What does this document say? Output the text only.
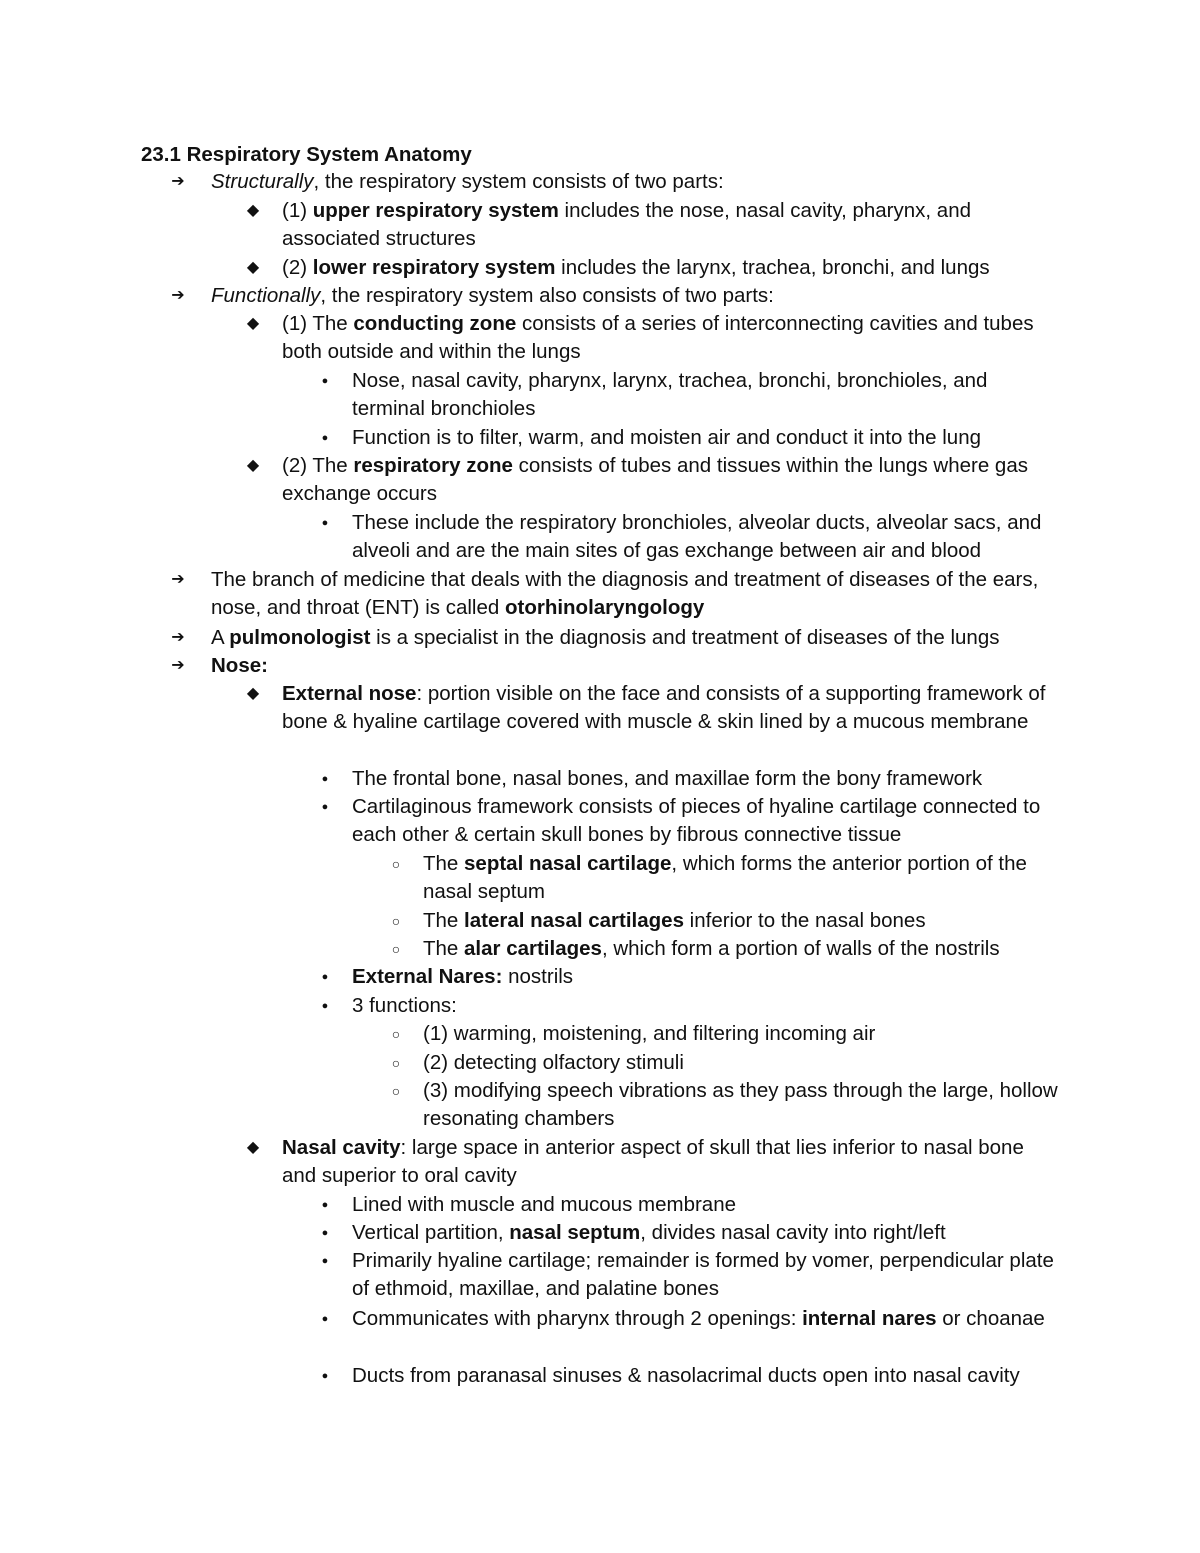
23.1 Respiratory System Anatomy
➔ Structurally, the respiratory system consists of two parts:
◆ (1) upper respiratory system includes the nose, nasal cavity, pharynx, and associated structures
◆ (2) lower respiratory system includes the larynx, trachea, bronchi, and lungs
➔ Functionally, the respiratory system also consists of two parts:
◆ (1) The conducting zone consists of a series of interconnecting cavities and tubes both outside and within the lungs
●	Nose, nasal cavity, pharynx, larynx, trachea, bronchi, bronchioles, and terminal bronchioles
●	Function is to filter, warm, and moisten air and conduct it into the lung
◆ (2) The respiratory zone consists of tubes and tissues within the lungs where gas exchange occurs
●	These include the respiratory bronchioles, alveolar ducts, alveolar sacs, and alveoli and are the main sites of gas exchange between air and blood
➔ The branch of medicine that deals with the diagnosis and treatment of diseases of the ears, nose, and throat (ENT) is called otorhinolaryngology
➔ A pulmonologist is a specialist in the diagnosis and treatment of diseases of the lungs
➔ Nose:
◆ External nose: portion visible on the face and consists of a supporting framework of bone & hyaline cartilage covered with muscle & skin lined by a mucous membrane
●	The frontal bone, nasal bones, and maxillae form the bony framework
●	Cartilaginous framework consists of pieces of hyaline cartilage connected to each other & certain skull bones by fibrous connective tissue
○	The septal nasal cartilage, which forms the anterior portion of the nasal septum
○	The lateral nasal cartilages inferior to the nasal bones
○	The alar cartilages, which form a portion of walls of the nostrils
●	External Nares: nostrils
●	3 functions:
○	(1) warming, moistening, and filtering incoming air
○	(2) detecting olfactory stimuli
○	(3) modifying speech vibrations as they pass through the large, hollow resonating chambers
◆ Nasal cavity: large space in anterior aspect of skull that lies inferior to nasal bone and superior to oral cavity
●	Lined with muscle and mucous membrane
●	Vertical partition, nasal septum, divides nasal cavity into right/left
●	Primarily hyaline cartilage; remainder is formed by vomer, perpendicular plate of ethmoid, maxillae, and palatine bones
●	Communicates with pharynx through 2 openings: internal nares or choanae
●	Ducts from paranasal sinuses & nasolacrimal ducts open into nasal cavity
